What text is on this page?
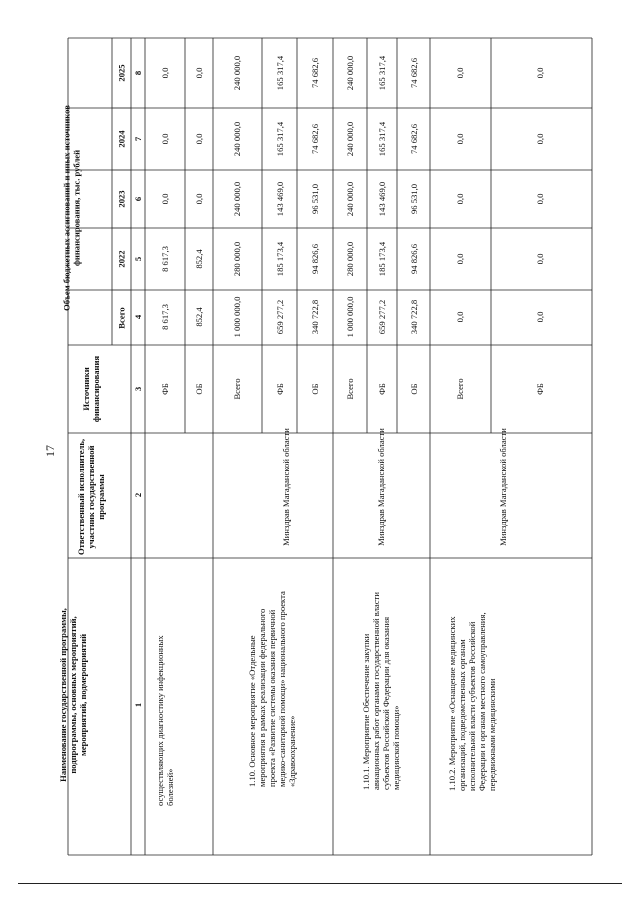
17
Наименование государственной программы, подпрограммы, основных мероприятий, мероприятий, подмероприятий
Ответственный исполнитель, участник государственной программы
Источники финансирования
Объем бюджетных ассигнований и иных источников финансирования, тыс. рублей
Всего
2022
2023
2024
2025
1
2
3
4
5
6
7
8
осуществляющих диагностику инфекционных болезней»
ФБ
8 617,3
8 617,3
0,0
0,0
0,0
ОБ
852,4
852,4
0,0
0,0
0,0
1.10. Основное мероприятие «Отдельные мероприятия в рамках реализации федерального проекта «Развитие системы оказания первичной медико-санитарной помощи» национального проекта «Здравоохранение»
Минздрав Магаданской области
Всего
1 000 000,0
280 000,0
240 000,0
240 000,0
240 000,0
ФБ
659 277,2
185 173,4
143 469,0
165 317,4
165 317,4
ОБ
340 722,8
94 826,6
96 531,0
74 682,6
74 682,6
1.10.1. Мероприятие Обеспечение закупки авиационных работ органами государственной власти субъектов Российской Федерации для оказания медицинской помощи»
Минздрав Магаданской области
Всего
1 000 000,0
280 000,0
240 000,0
240 000,0
240 000,0
ФБ
659 277,2
185 173,4
143 469,0
165 317,4
165 317,4
ОБ
340 722,8
94 826,6
96 531,0
74 682,6
74 682,6
1.10.2. Мероприятие «Оснащение медицинских организаций, подведомственных органам исполнительной власти субъектов Российской Федерации и органам местного самоуправления, передвижными медицинскими
Минздрав Магаданской области
Всего
0,0
0,0
0,0
0,0
0,0
ФБ
0,0
0,0
0,0
0,0
0,0
